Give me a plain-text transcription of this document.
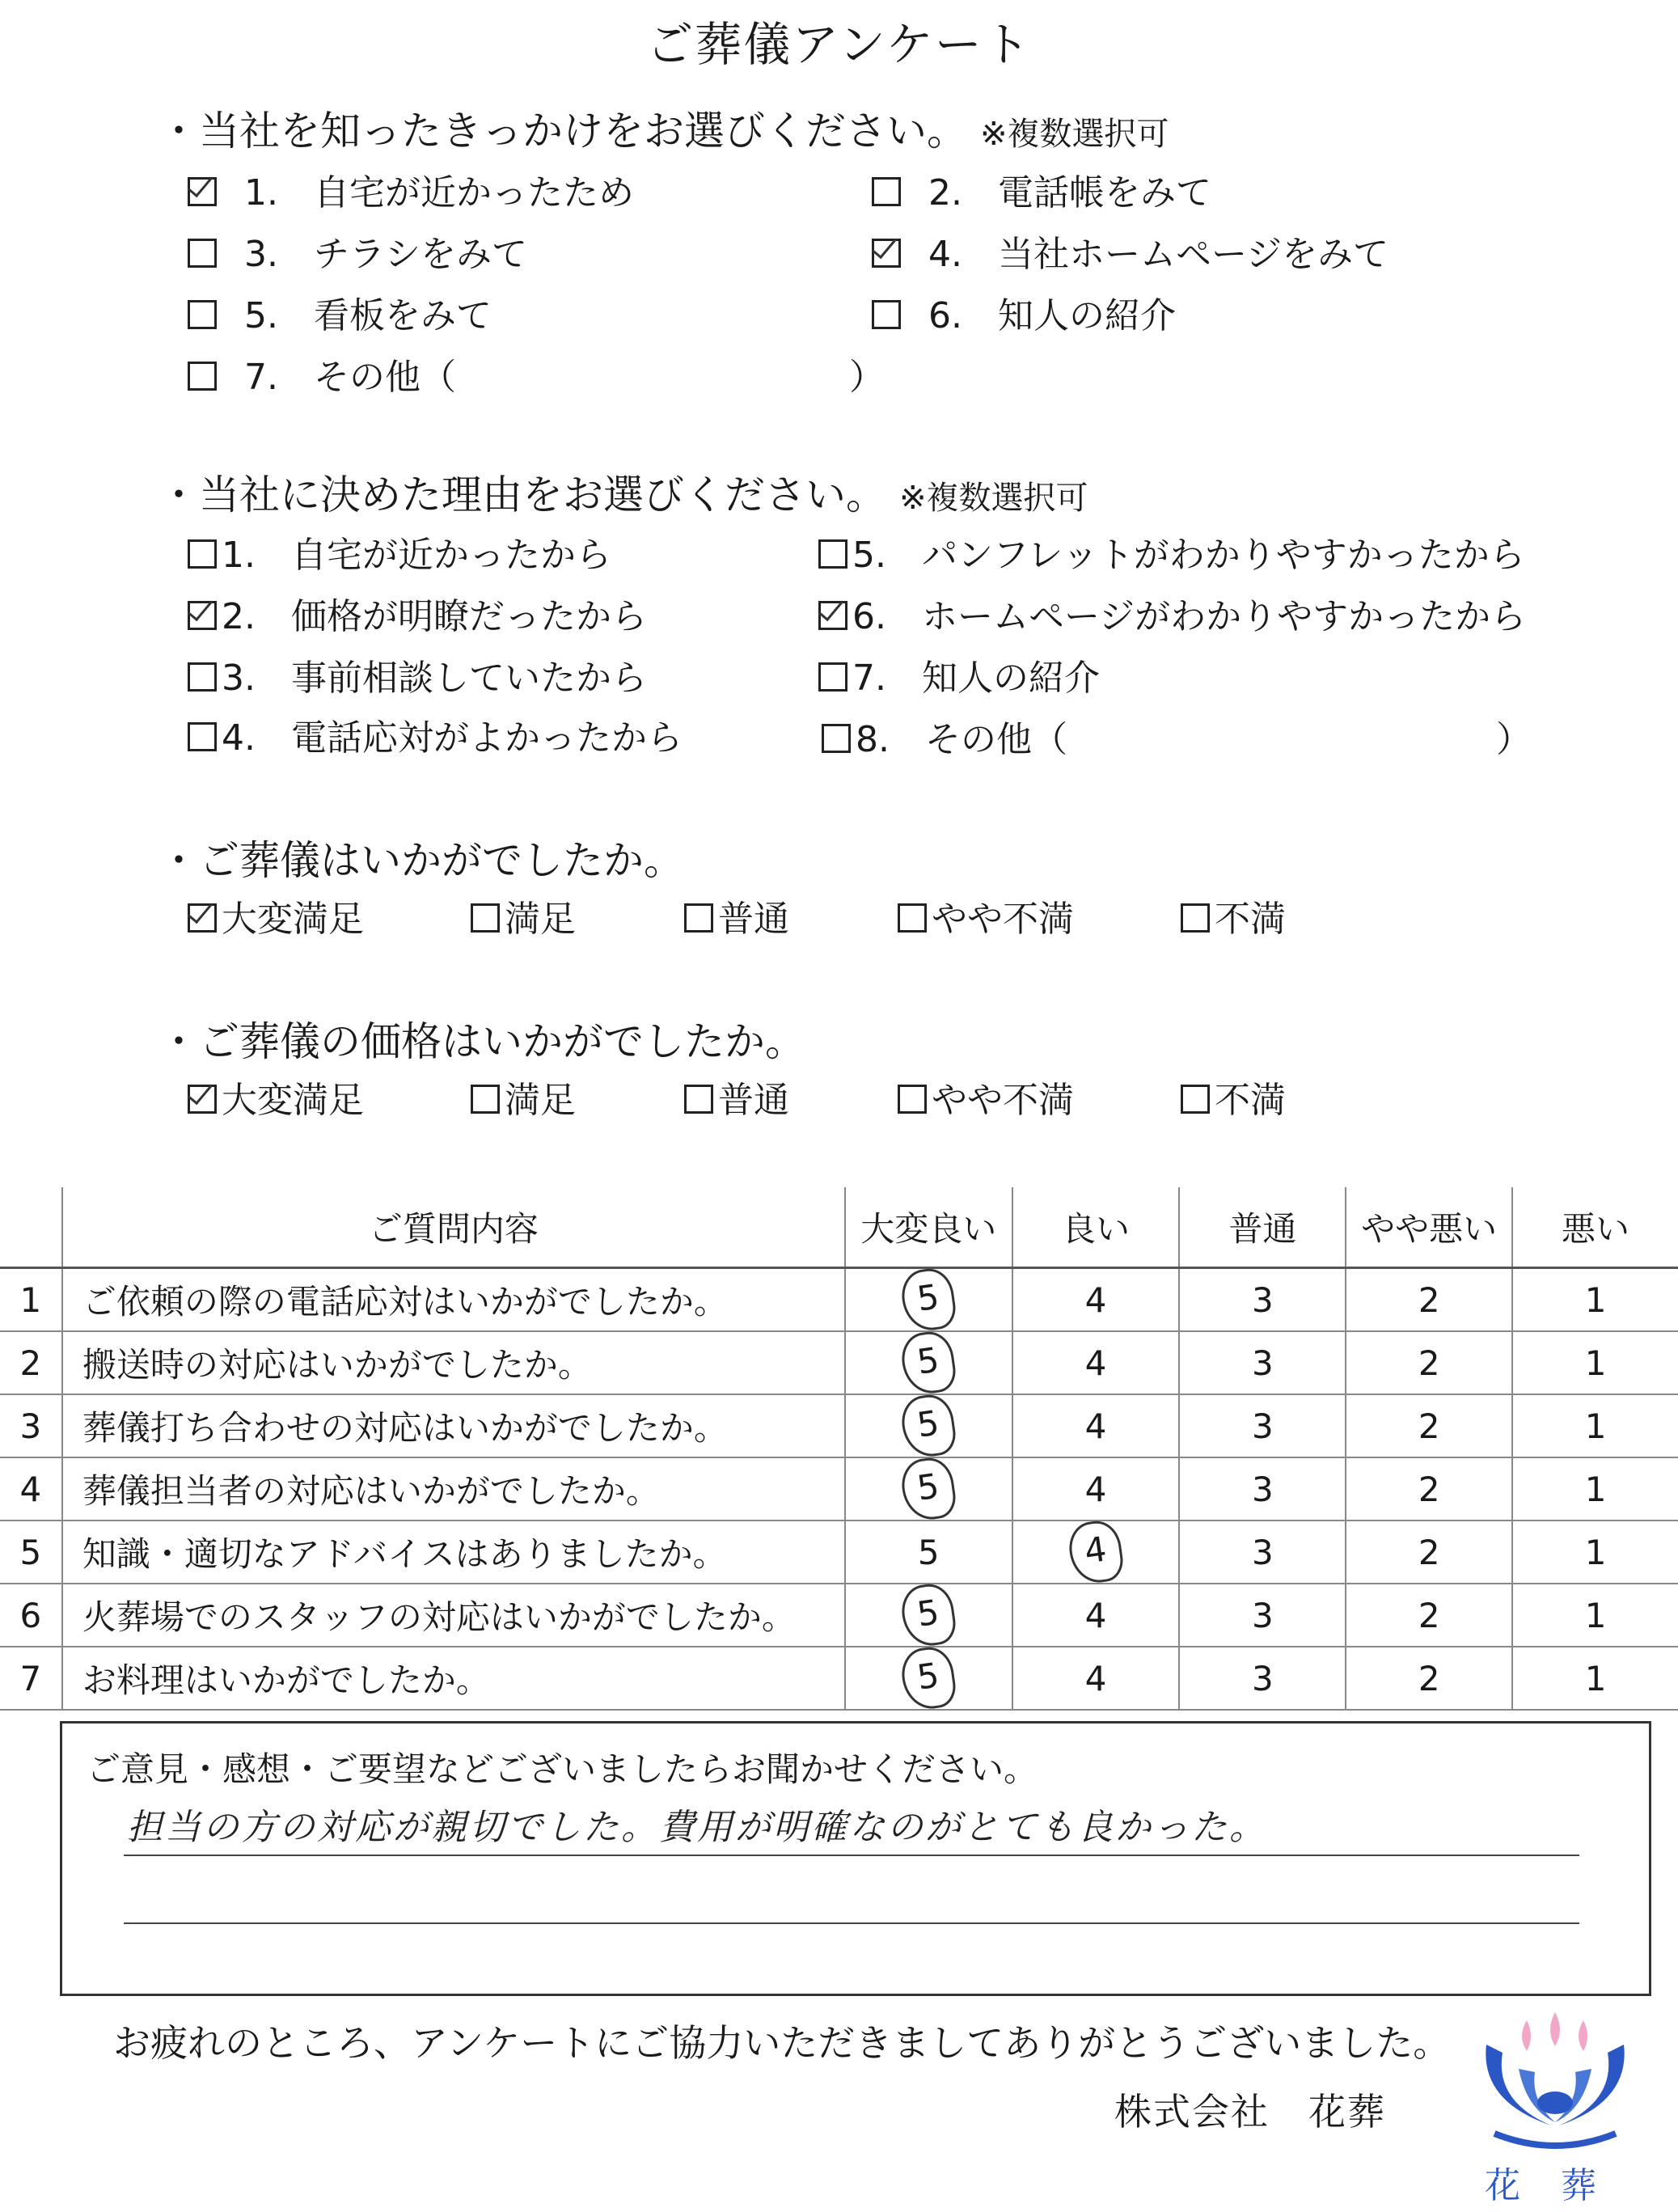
ご葬儀アンケート
・当社を知ったきっかけをお選びください。 ※複数選択可
1.　自宅が近かったため	2.　電話帳をみて
3.　チラシをみて	4.　当社ホームページをみて
5.　看板をみて	6.　知人の紹介
7.　その他（	）
・当社に決めた理由をお選びください。 ※複数選択可
1.　自宅が近かったから	5.　パンフレットがわかりやすかったから
2.　価格が明瞭だったから	6.　ホームページがわかりやすかったから
3.　事前相談していたから	7.　知人の紹介
4.　電話応対がよかったから	8.　その他（	）
・ご葬儀はいかがでしたか。
大変満足	満足	普通	やや不満	不満
・ご葬儀の価格はいかがでしたか。
大変満足	満足	普通	やや不満	不満
	ご質問内容	大変良い	良い	普通	やや悪い	悪い
1	ご依頼の際の電話応対はいかがでしたか。	5	4	3	2	1
2	搬送時の対応はいかがでしたか。	5	4	3	2	1
3	葬儀打ち合わせの対応はいかがでしたか。	5	4	3	2	1
4	葬儀担当者の対応はいかがでしたか。	5	4	3	2	1
5	知識・適切なアドバイスはありましたか。	5	4	3	2	1
6	火葬場でのスタッフの対応はいかがでしたか。	5	4	3	2	1
7	お料理はいかがでしたか。	5	4	3	2	1
ご意見・感想・ご要望などございましたらお聞かせください。
担当の方の対応が親切でした。費用が明確なのがとても良かった。
お疲れのところ、アンケートにご協力いただきましてありがとうございました。
株式会社　花葬
花 葬
